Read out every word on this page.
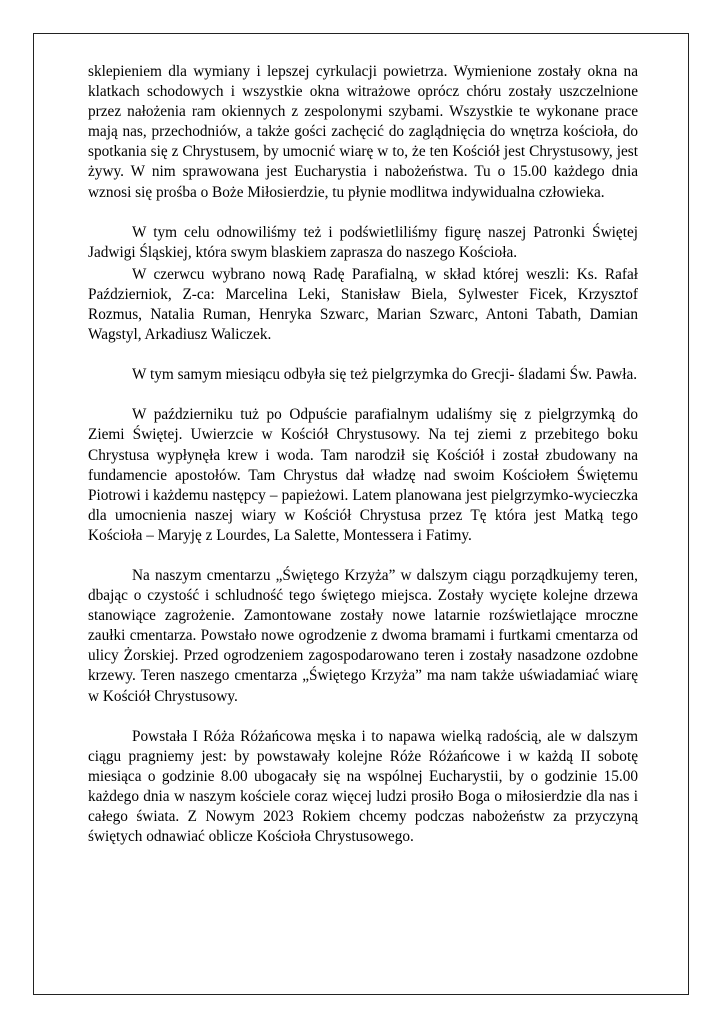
sklepieniem dla wymiany i lepszej cyrkulacji powietrza. Wymienione zostały okna na klatkach schodowych i wszystkie okna witrażowe oprócz chóru zostały uszczelnione przez nałożenia ram okiennych z zespolonymi szybami. Wszystkie te wykonane prace mają nas, przechodniów, a także gości zachęcić do zaglądnięcia do wnętrza kościoła, do spotkania się z Chrystusem, by umocnić wiarę w to, że ten Kościół jest Chrystusowy, jest żywy. W nim sprawowana jest Eucharystia i nabożeństwa. Tu o 15.00 każdego dnia wznosi się prośba o Boże Miłosierdzie, tu płynie modlitwa indywidualna człowieka.

W tym celu odnowiliśmy też i podświetliliśmy figurę naszej Patronki Świętej Jadwigi Śląskiej, która swym blaskiem zaprasza do naszego Kościoła.

W czerwcu wybrano nową Radę Parafialną, w skład której weszli: Ks. Rafał Październiok, Z-ca: Marcelina Leki, Stanisław Biela, Sylwester Ficek, Krzysztof Rozmus, Natalia Ruman, Henryka Szwarc, Marian Szwarc, Antoni Tabath, Damian Wagstyl, Arkadiusz Waliczek.

W tym samym miesiącu odbyła się też pielgrzymka do Grecji- śladami Św. Pawła.

W październiku tuż po Odpuście parafialnym udaliśmy się z pielgrzymką do Ziemi Świętej. Uwierzcie w Kościół Chrystusowy. Na tej ziemi z przebitego boku Chrystusa wypłynęła krew i woda. Tam narodził się Kościół i został zbudowany na fundamencie apostołów. Tam Chrystus dał władzę nad swoim Kościołem Świętemu Piotrowi i każdemu następcy – papieżowi. Latem planowana jest pielgrzymko-wycieczka dla umocnienia naszej wiary w Kościół Chrystusa przez Tę która jest Matką tego Kościoła – Maryję z Lourdes, La Salette, Montessera i Fatimy.

Na naszym cmentarzu „Świętego Krzyża” w dalszym ciągu porządkujemy teren, dbając o czystość i schludność tego świętego miejsca. Zostały wycięte kolejne drzewa stanowiące zagrożenie. Zamontowane zostały nowe latarnie rozświetlające mroczne zaułki cmentarza. Powstało nowe ogrodzenie z dwoma bramami i furtkami cmentarza od ulicy Żorskiej. Przed ogrodzeniem zagospodarowano teren i zostały nasadzone ozdobne krzewy. Teren naszego cmentarza „Świętego Krzyża” ma nam także uświadamiać wiarę w Kościół Chrystusowy.

Powstała I Róża Różańcowa męska i to napawa wielką radością, ale w dalszym ciągu pragniemy jest: by powstawały kolejne Róże Różańcowe i w każdą II sobotę miesiąca o godzinie 8.00 ubogacały się na wspólnej Eucharystii, by o godzinie 15.00 każdego dnia w naszym kościele coraz więcej ludzi prosiło Boga o miłosierdzie dla nas i całego świata. Z Nowym 2023 Rokiem chcemy podczas nabożeństw za przyczyną świętych odnawiać oblicze Kościoła Chrystusowego.
